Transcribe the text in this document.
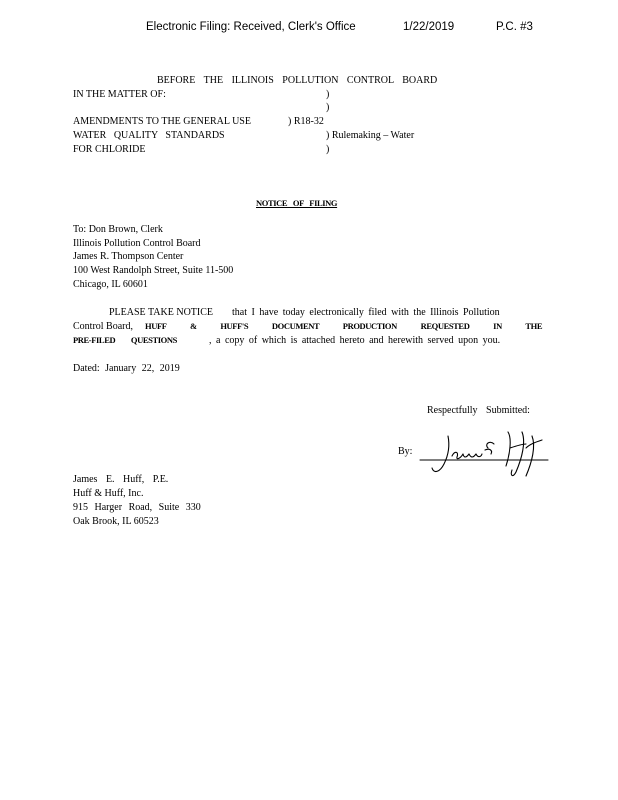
Electronic Filing: Received, Clerk's Office	1/22/2019	P.C. #3
BEFORE THE ILLINOIS POLLUTION CONTROL BOARD
IN THE MATTER OF:	)
)
AMENDMENTS TO THE GENERAL USE	) R18-32
WATER QUALITY STANDARDS	) Rulemaking – Water
FOR CHLORIDE	)
NOTICE OF FILING
To: Don Brown, Clerk
Illinois Pollution Control Board
James R. Thompson Center
100 West Randolph Street, Suite 11-500
Chicago, IL 60601
PLEASE TAKE NOTICE that I have today electronically filed with the Illinois Pollution
Control Board, HUFF & HUFF'S DOCUMENT PRODUCTION REQUESTED IN THE
PRE-FILED QUESTIONS	, a copy of which is attached hereto and herewith served upon you.
Dated: January 22, 2019
Respectfully Submitted:
By:
James E. Huff, P.E.
Huff & Huff, Inc.
915 Harger Road, Suite 330
Oak Brook, IL 60523
